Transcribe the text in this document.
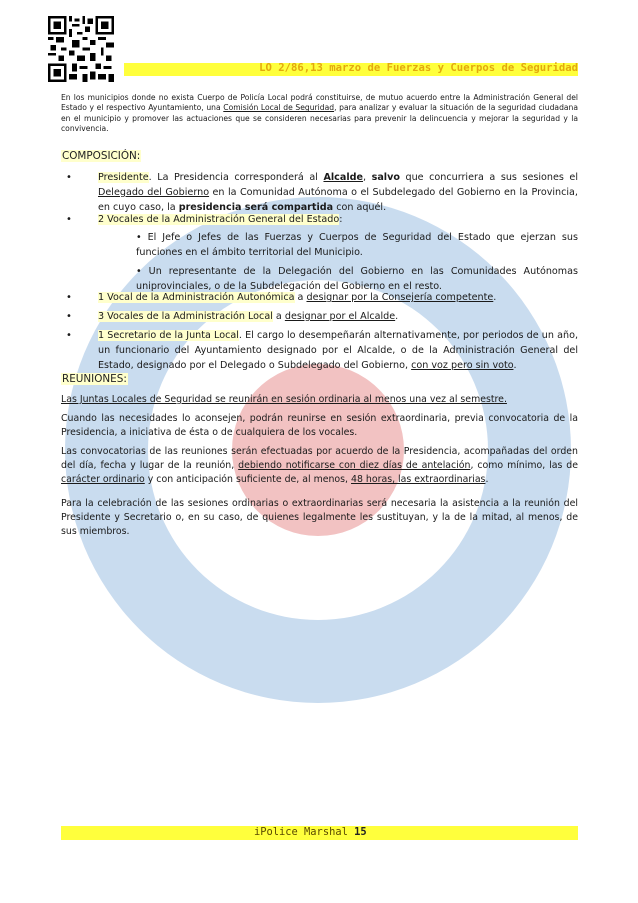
LO 2/86,13 marzo de Fuerzas y Cuerpos de Seguridad
En los municipios donde no exista Cuerpo de Policía Local podrá constituirse, de mutuo acuerdo entre la Administración General del Estado y el respectivo Ayuntamiento, una Comisión Local de Seguridad, para analizar y evaluar la situación de la seguridad ciudadana en el municipio y promover las actuaciones que se consideren necesarias para prevenir la delincuencia y mejorar la seguridad y la convivencia.
COMPOSICIÓN:
•	Presidente. La Presidencia corresponderá al Alcalde, salvo que concurriera a sus sesiones el Delegado del Gobierno en la Comunidad Autónoma o el Subdelegado del Gobierno en la Provincia, en cuyo caso, la presidencia será compartida con aquél.
•	2 Vocales de la Administración General del Estado:
• El Jefe o Jefes de las Fuerzas y Cuerpos de Seguridad del Estado que ejerzan sus funciones en el ámbito territorial del Municipio.
• Un representante de la Delegación del Gobierno en las Comunidades Autónomas uniprovinciales, o de la Subdelegación del Gobierno en el resto.
•	1 Vocal de la Administración Autonómica a designar por la Consejería competente.
•	3 Vocales de la Administración Local a designar por el Alcalde.
•	1 Secretario de la Junta Local. El cargo lo desempeñarán alternativamente, por periodos de un año, un funcionario del Ayuntamiento designado por el Alcalde, o de la Administración General del Estado, designado por el Delegado o Subdelegado del Gobierno, con voz pero sin voto.
REUNIONES:
Las Juntas Locales de Seguridad se reunirán en sesión ordinaria al menos una vez al semestre.
Cuando las necesidades lo aconsejen, podrán reunirse en sesión extraordinaria, previa convocatoria de la Presidencia, a iniciativa de ésta o de cualquiera de los vocales.
Las convocatorias de las reuniones serán efectuadas por acuerdo de la Presidencia, acompañadas del orden del día, fecha y lugar de la reunión, debiendo notificarse con diez días de antelación, como mínimo, las de carácter ordinario y con anticipación suficiente de, al menos, 48 horas, las extraordinarias.
Para la celebración de las sesiones ordinarias o extraordinarias será necesaria la asistencia a la reunión del Presidente y Secretario o, en su caso, de quienes legalmente les sustituyan, y la de la mitad, al menos, de sus miembros.
iPolice Marshal 15
